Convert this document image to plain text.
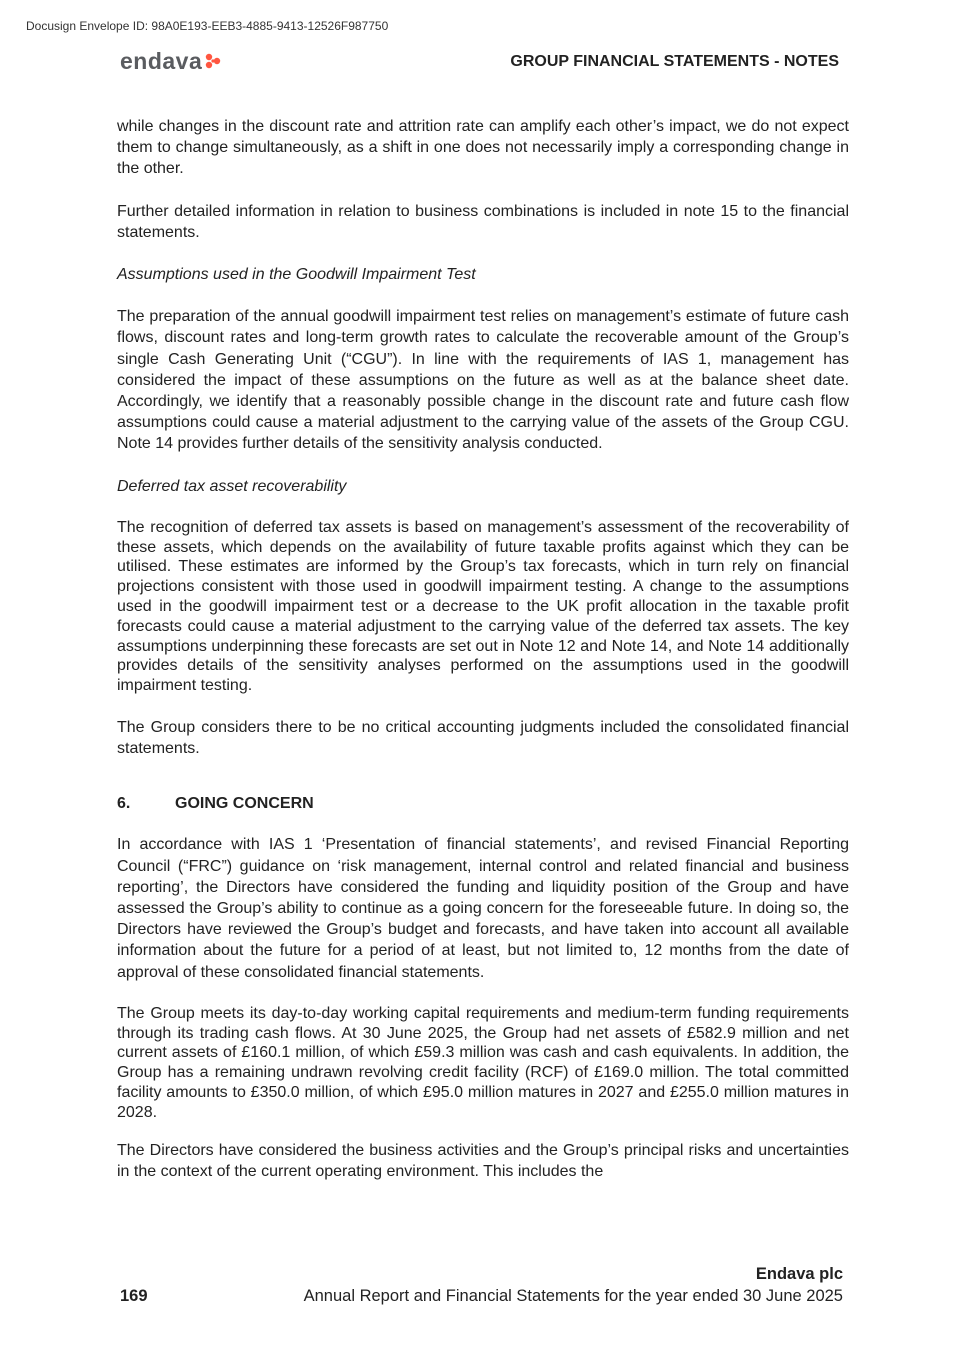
Docusign Envelope ID: 98A0E193-EEB3-4885-9413-12526F987750
endava	GROUP FINANCIAL STATEMENTS - NOTES

while changes in the discount rate and attrition rate can amplify each other’s impact, we do not expect them to change simultaneously, as a shift in one does not necessarily imply a corresponding change in the other.

Further detailed information in relation to business combinations is included in note 15 to the financial statements.

Assumptions used in the Goodwill Impairment Test

The preparation of the annual goodwill impairment test relies on management’s estimate of future cash flows, discount rates and long-term growth rates to calculate the recoverable amount of the Group’s single Cash Generating Unit (“CGU”). In line with the requirements of IAS 1, management has considered the impact of these assumptions on the future as well as at the balance sheet date. Accordingly, we identify that a reasonably possible change in the discount rate and future cash flow assumptions could cause a material adjustment to the carrying value of the assets of the Group CGU. Note 14 provides further details of the sensitivity analysis conducted.

Deferred tax asset recoverability

The recognition of deferred tax assets is based on management’s assessment of the recoverability of these assets, which depends on the availability of future taxable profits against which they can be utilised. These estimates are informed by the Group’s tax forecasts, which in turn rely on financial projections consistent with those used in goodwill impairment testing. A change to the assumptions used in the goodwill impairment test or a decrease to the UK profit allocation in the taxable profit forecasts could cause a material adjustment to the carrying value of the deferred tax assets. The key assumptions underpinning these forecasts are set out in Note 12 and Note 14, and Note 14 additionally provides details of the sensitivity analyses performed on the assumptions used in the goodwill impairment testing.

The Group considers there to be no critical accounting judgments included the consolidated financial statements.

6.	GOING CONCERN

In accordance with IAS 1 ‘Presentation of financial statements’, and revised Financial Reporting Council (“FRC”) guidance on ‘risk management, internal control and related financial and business reporting’, the Directors have considered the funding and liquidity position of the Group and have assessed the Group’s ability to continue as a going concern for the foreseeable future. In doing so, the Directors have reviewed the Group’s budget and forecasts, and have taken into account all available information about the future for a period of at least, but not limited to, 12 months from the date of approval of these consolidated financial statements.

The Group meets its day-to-day working capital requirements and medium-term funding requirements through its trading cash flows. At 30 June 2025, the Group had net assets of £582.9 million and net current assets of £160.1 million, of which £59.3 million was cash and cash equivalents. In addition, the Group has a remaining undrawn revolving credit facility (RCF) of £169.0 million. The total committed facility amounts to £350.0 million, of which £95.0 million matures in 2027 and £255.0 million matures in 2028.

The Directors have considered the business activities and the Group’s principal risks and uncertainties in the context of the current operating environment. This includes the

Endava plc
169	Annual Report and Financial Statements for the year ended 30 June 2025
